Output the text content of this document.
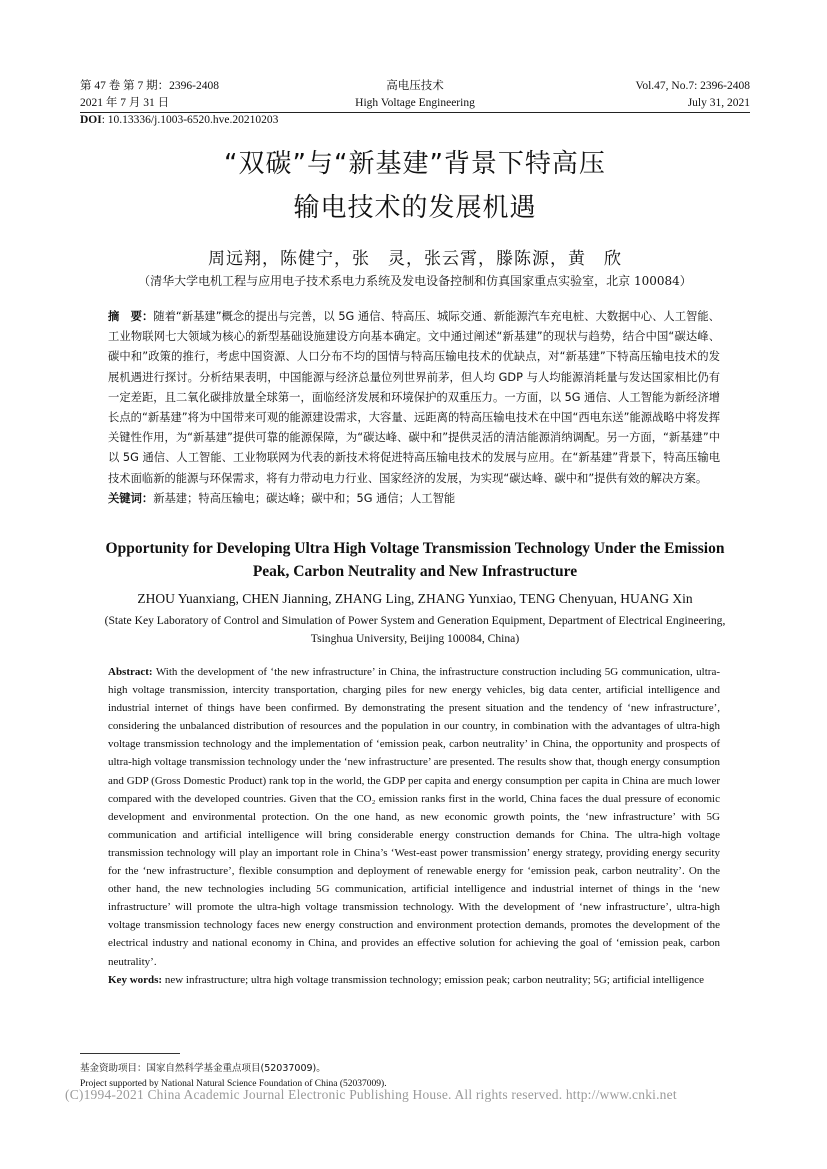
第 47 卷 第 7 期：2396-2408	高电压技术	Vol.47, No.7: 2396-2408
2021 年 7 月 31 日	High Voltage Engineering	July 31, 2021
DOI: 10.13336/j.1003-6520.hve.20210203
“双碳”与“新基建”背景下特高压
输电技术的发展机遇
周远翔，陈健宁，张　灵，张云霄，滕陈源，黄　欣
（清华大学电机工程与应用电子技术系电力系统及发电设备控制和仿真国家重点实验室，北京 100084）
摘　要：随着“新基建”概念的提出与完善，以 5G 通信、特高压、城际交通、新能源汽车充电桩、大数据中心、人工智能、工业物联网七大领域为核心的新型基础设施建设方向基本确定。文中通过阐述“新基建”的现状与趋势，结合中国“碳达峰、碳中和”政策的推行，考虑中国资源、人口分布不均的国情与特高压输电技术的优缺点，对“新基建”下特高压输电技术的发展机遇进行探讨。分析结果表明，中国能源与经济总量位列世界前茅，但人均 GDP 与人均能源消耗量与发达国家相比仍有一定差距，且二氧化碳排放量全球第一，面临经济发展和环境保护的双重压力。一方面，以 5G 通信、人工智能为新经济增长点的“新基建”将为中国带来可观的能源建设需求，大容量、远距离的特高压输电技术在中国“西电东送”能源战略中将发挥关键性作用，为“新基建”提供可靠的能源保障，为“碳达峰、碳中和”提供灵活的清洁能源消纳调配。另一方面，“新基建”中以 5G 通信、人工智能、工业物联网为代表的新技术将促进特高压输电技术的发展与应用。在“新基建”背景下，特高压输电技术面临新的能源与环保需求，将有力带动电力行业、国家经济的发展，为实现“碳达峰、碳中和”提供有效的解决方案。
关键词：新基建；特高压输电；碳达峰；碳中和；5G 通信；人工智能
Opportunity for Developing Ultra High Voltage Transmission Technology Under the Emission
Peak, Carbon Neutrality and New Infrastructure
ZHOU Yuanxiang, CHEN Jianning, ZHANG Ling, ZHANG Yunxiao, TENG Chenyuan, HUANG Xin
(State Key Laboratory of Control and Simulation of Power System and Generation Equipment, Department of Electrical Engineering,
Tsinghua University, Beijing 100084, China)
Abstract: With the development of ‘the new infrastructure’ in China, the infrastructure construction including 5G communication, ultra-high voltage transmission, intercity transportation, charging piles for new energy vehicles, big data center, artificial intelligence and industrial internet of things have been confirmed. By demonstrating the present situation and the tendency of ‘new infrastructure’, considering the unbalanced distribution of resources and the population in our country, in combination with the advantages of ultra-high voltage transmission technology and the implementation of ‘emission peak, carbon neutrality’ in China, the opportunity and prospects of ultra-high voltage transmission technology under the ‘new infrastructure’ are presented. The results show that, though energy consumption and GDP (Gross Domestic Product) rank top in the world, the GDP per capita and energy consumption per capita in China are much lower compared with the developed countries. Given that the CO₂ emission ranks first in the world, China faces the dual pressure of economic development and environmental protection. On the one hand, as new economic growth points, the ‘new infrastructure’ with 5G communication and artificial intelligence will bring considerable energy construction demands for China. The ultra-high voltage transmission technology will play an important role in China’s ‘West-east power transmission’ energy strategy, providing energy security for the ‘new infrastructure’, flexible consumption and deployment of renewable energy for ‘emission peak, carbon neutrality’. On the other hand, the new technologies including 5G communication, artificial intelligence and industrial internet of things in the ‘new infrastructure’ will promote the ultra-high voltage transmission technology. With the development of ‘new infrastructure’, ultra-high voltage transmission technology faces new energy construction and environment protection demands, promotes the development of the electrical industry and national economy in China, and provides an effective solution for achieving the goal of ‘emission peak, carbon neutrality’.
Key words: new infrastructure; ultra high voltage transmission technology; emission peak; carbon neutrality; 5G; artificial intelligence
基金资助项目：国家自然科学基金重点项目(52037009)。
Project supported by National Natural Science Foundation of China (52037009).
(C)1994-2021 China Academic Journal Electronic Publishing House. All rights reserved. http://www.cnki.net
